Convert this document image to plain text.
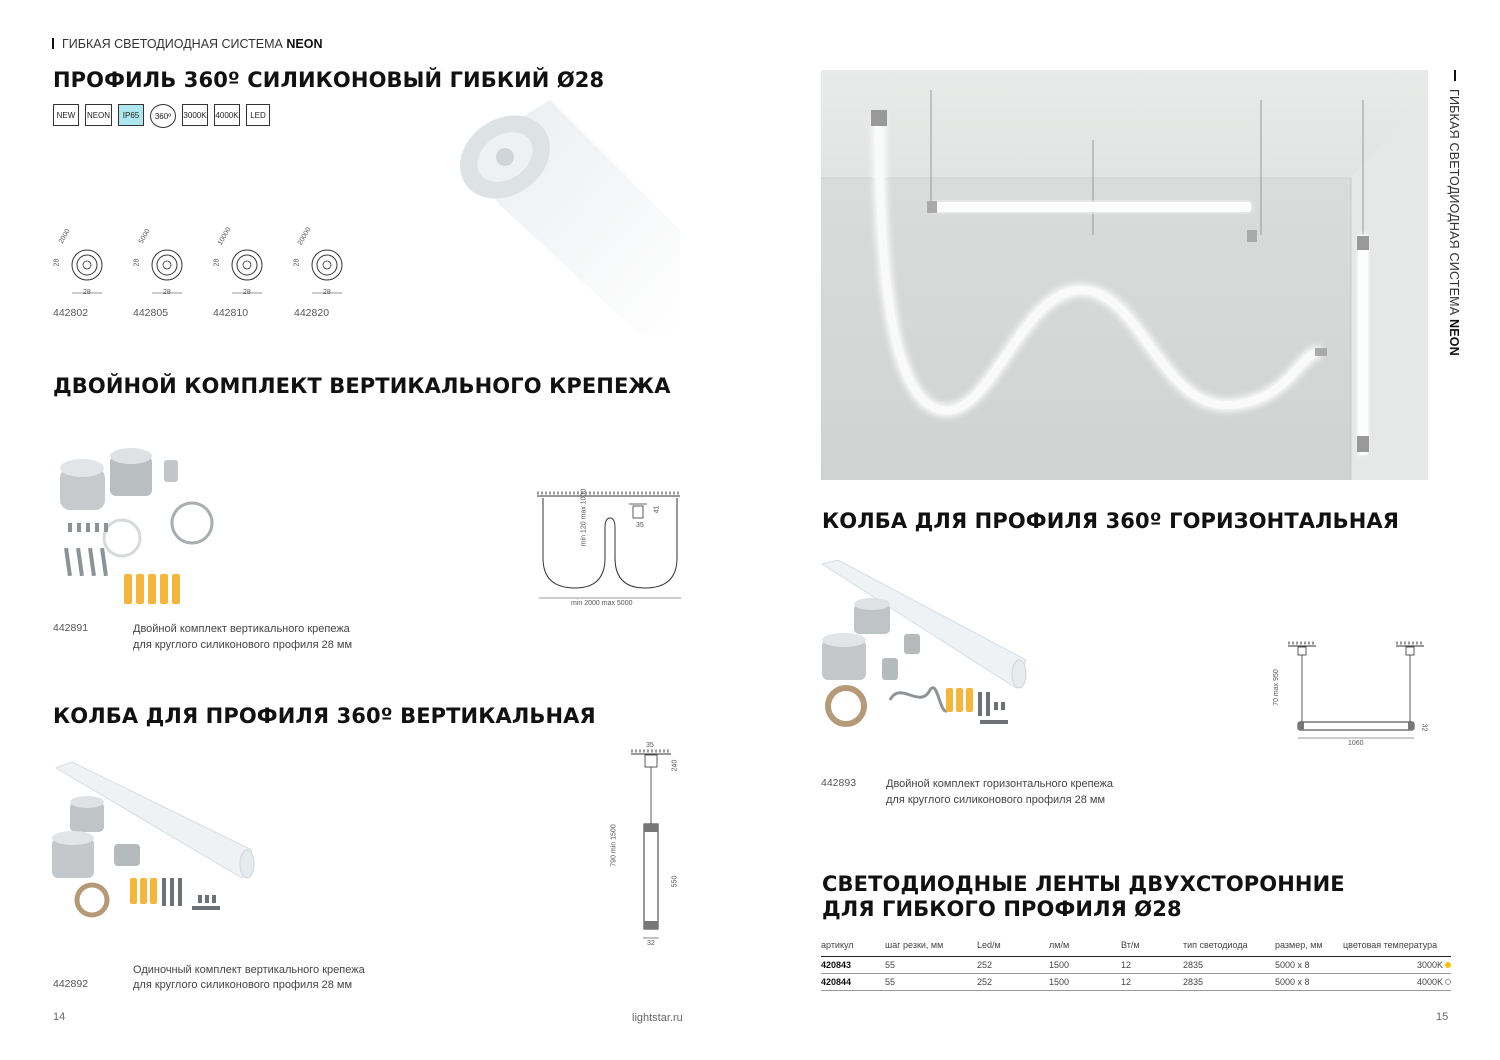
ГИБКАЯ СВЕТОДИОДНАЯ СИСТЕМА NEON
ПРОФИЛЬ 360º СИЛИКОНОВЫЙ ГИБКИЙ Ø28
NEW	NEON	IP65	360º	3000K 4000K	LED
2000
28
28
442802
5000
28
28
442805
10000
28
28
442810
20000
28
28
442820
ДВОЙНОЙ КОМПЛЕКТ ВЕРТИКАЛЬНОГО КРЕПЕЖА
442891	Двойной комплект вертикального крепежа
для круглого силиконового профиля 28 мм
min 120 max 1000	35
41
min 2000 max 5000
КОЛБА ДЛЯ ПРОФИЛЯ 360º ВЕРТИКАЛЬНАЯ
Одиночный комплект вертикального крепежа
442892	для круглого силиконового профиля 28 мм
35
240
790 min 1500
550
32
14	lightstar.ru
ГИБКАЯ СВЕТОДИОДНАЯ СИСТЕМА NEON
КОЛБА ДЛЯ ПРОФИЛЯ 360º ГОРИЗОНТАЛЬНАЯ
70 max 950
32
1060
442893	Двойной комплект горизонтального крепежа
для круглого силиконового профиля 28 мм
СВЕТОДИОДНЫЕ ЛЕНТЫ ДВУХСТОРОННИЕ
ДЛЯ ГИБКОГО ПРОФИЛЯ Ø28
артикул	шаг резки, мм	Led/м	лм/м	Вт/м	тип светодиода	размер, мм	цветовая температура
420843	55	252	1500	12	2835	5000 x 8	3000K
420844	55	252	1500	12	2835	5000 x 8	4000K
15
